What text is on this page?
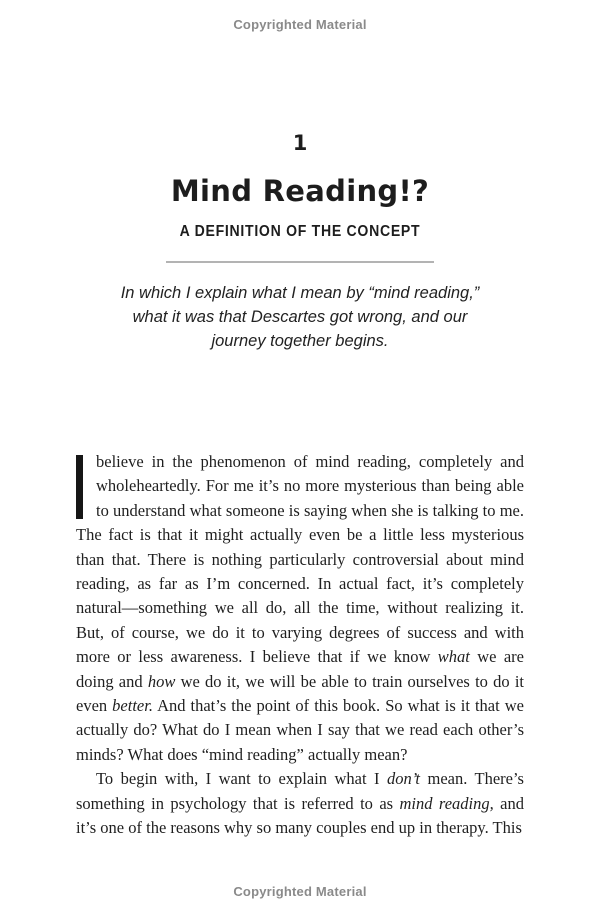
Copyrighted Material
1
Mind Reading!?
A DEFINITION OF THE CONCEPT
In which I explain what I mean by “mind reading,”
what it was that Descartes got wrong, and our
journey together begins.

believe in the phenomenon of mind reading, completely and wholeheartedly. For me it’s no more mysterious than being able to understand what someone is saying when she is talking to me. The fact is that it might actually even be a little less mysterious than that. There is nothing particularly controversial about mind reading, as far as I’m concerned. In actual fact, it’s completely natural—something we all do, all the time, without realizing it. But, of course, we do it to varying degrees of success and with more or less awareness. I believe that if we know what we are doing and how we do it, we will be able to train ourselves to do it even better. And that’s the point of this book. So what is it that we actually do? What do I mean when I say that we read each other’s minds? What does “mind reading” actually mean?

To begin with, I want to explain what I don’t mean. There’s something in psychology that is referred to as mind reading, and it’s one of the reasons why so many couples end up in therapy. This

Copyrighted Material
